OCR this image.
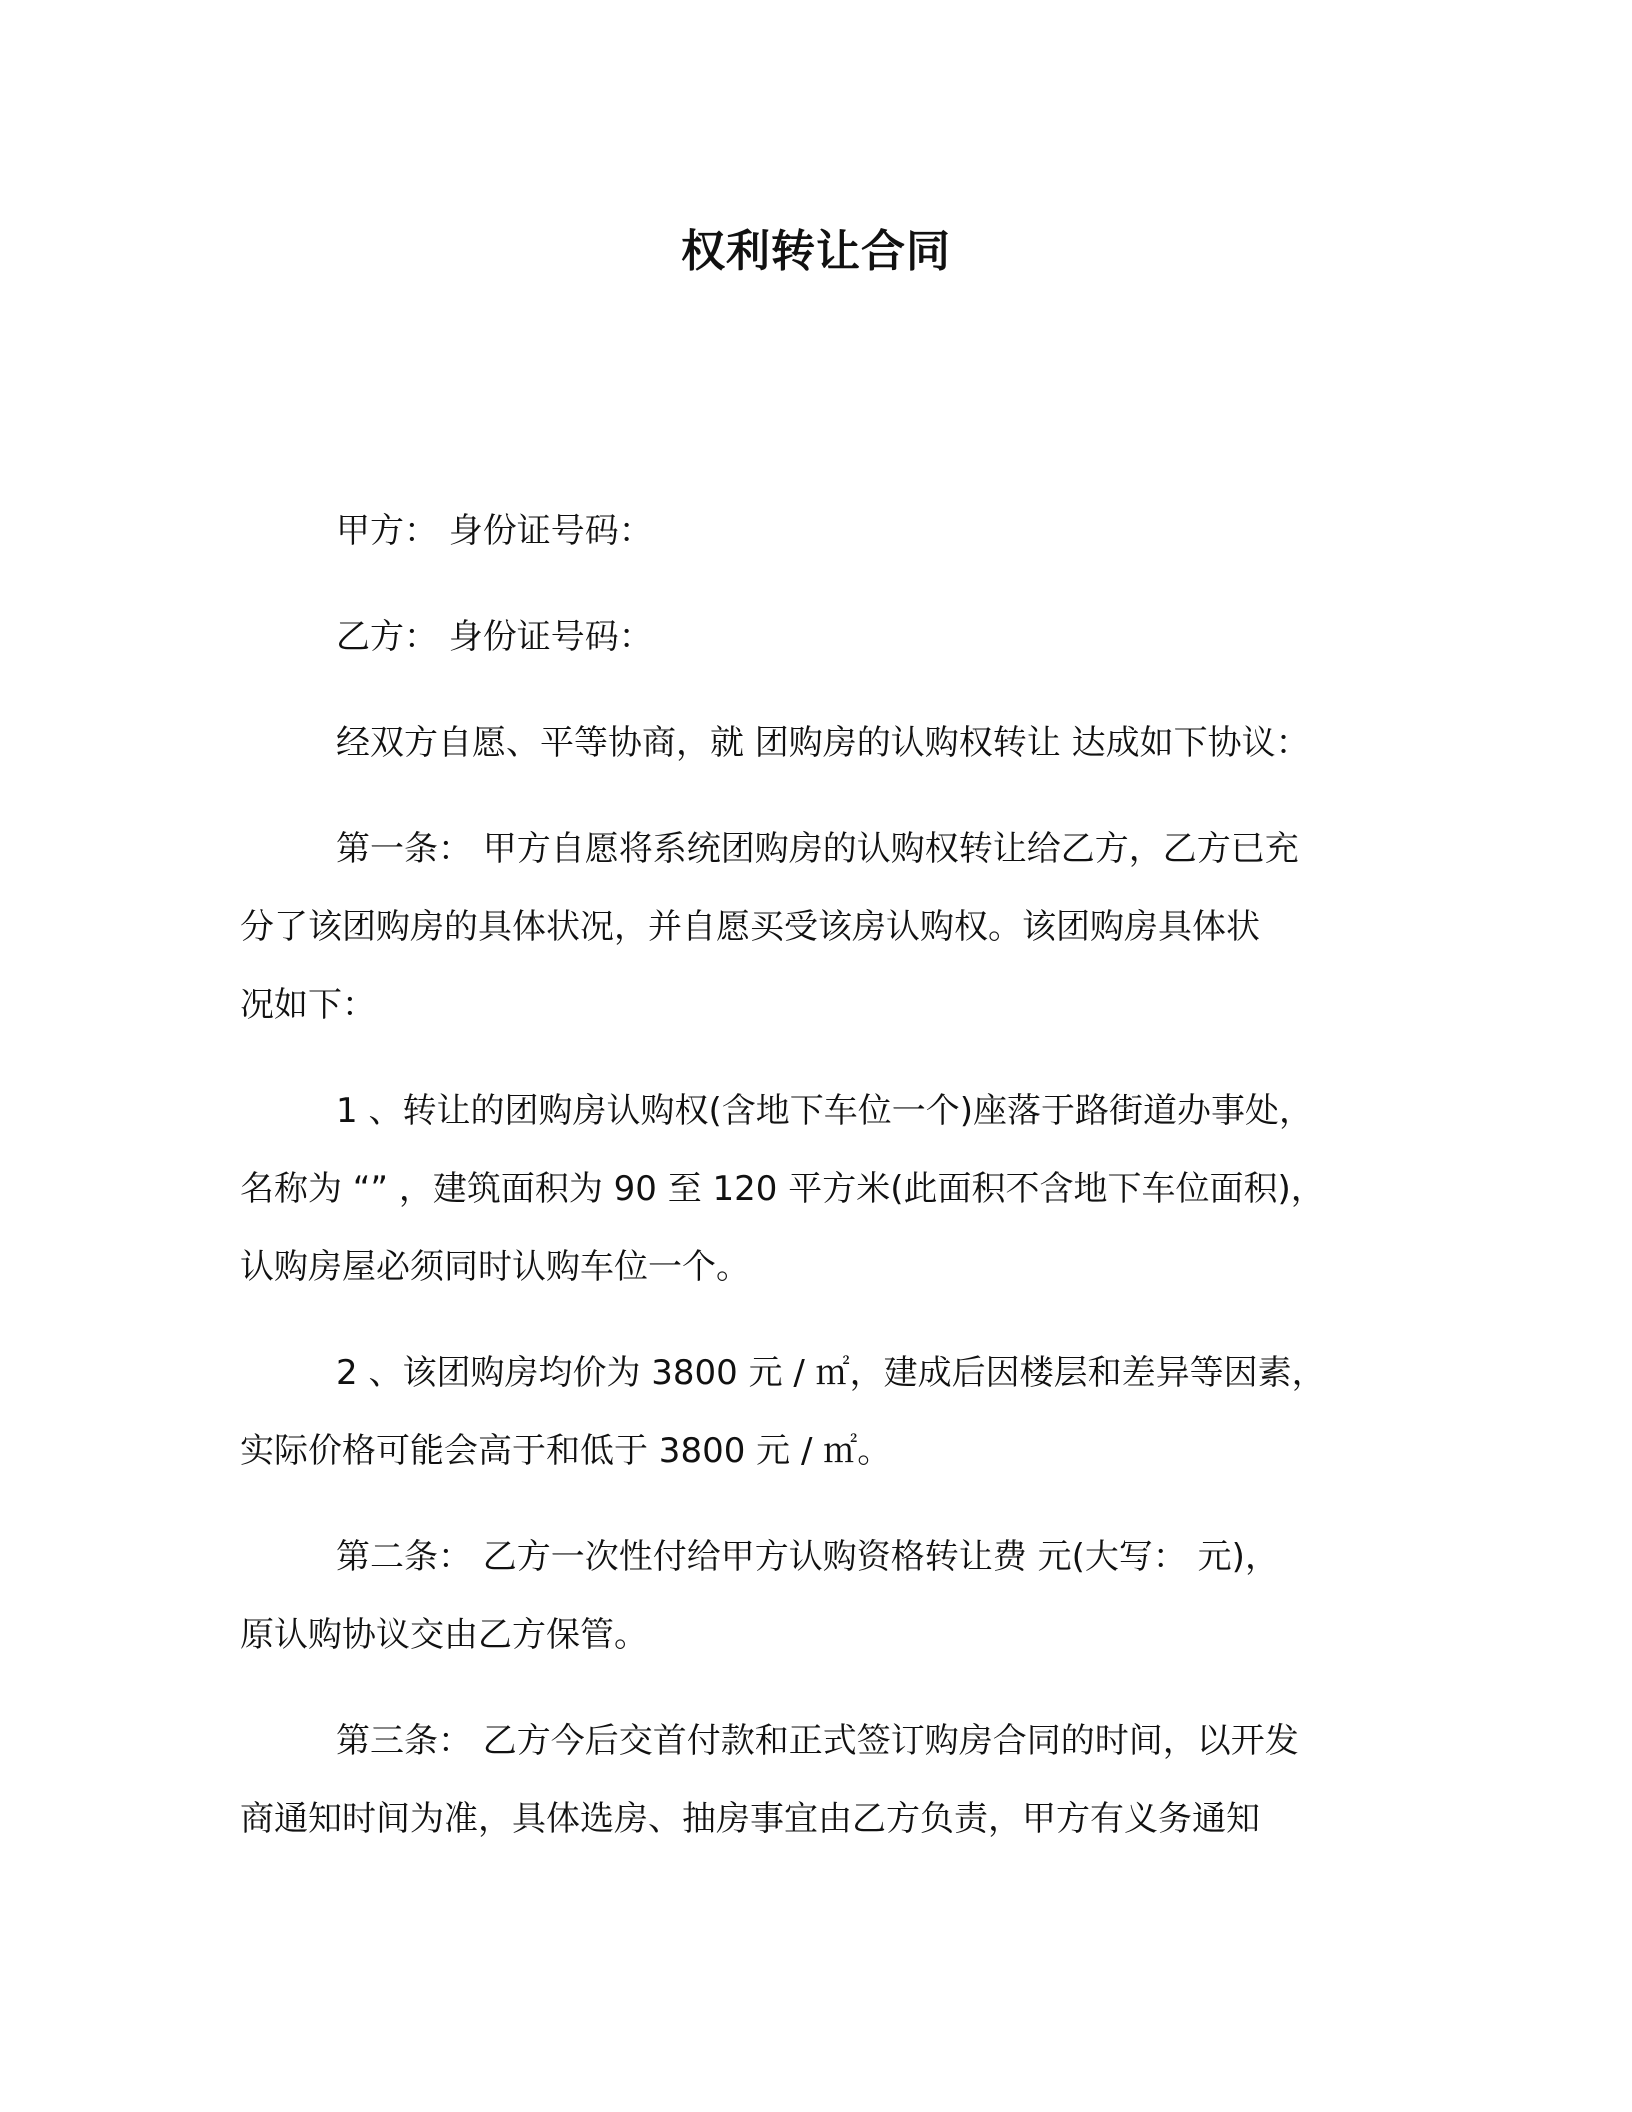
权利转让合同
甲方： 身份证号码：
乙方： 身份证号码：
经双方自愿、平等协商，就 团购房的认购权转让 达成如下协议：
第一条： 甲方自愿将系统团购房的认购权转让给乙方，乙方已充
分了该团购房的具体状况，并自愿买受该房认购权。该团购房具体状
况如下：
1 、转让的团购房认购权(含地下车位一个)座落于路街道办事处，
名称为 “” ，建筑面积为 90 至 120 平方米(此面积不含地下车位面积)，
认购房屋必须同时认购车位一个。
2 、该团购房均价为 3800 元 / ㎡，建成后因楼层和差异等因素，
实际价格可能会高于和低于 3800 元 / ㎡。
第二条： 乙方一次性付给甲方认购资格转让费 元(大写： 元)，
原认购协议交由乙方保管。
第三条： 乙方今后交首付款和正式签订购房合同的时间，以开发
商通知时间为准，具体选房、抽房事宜由乙方负责，甲方有义务通知
